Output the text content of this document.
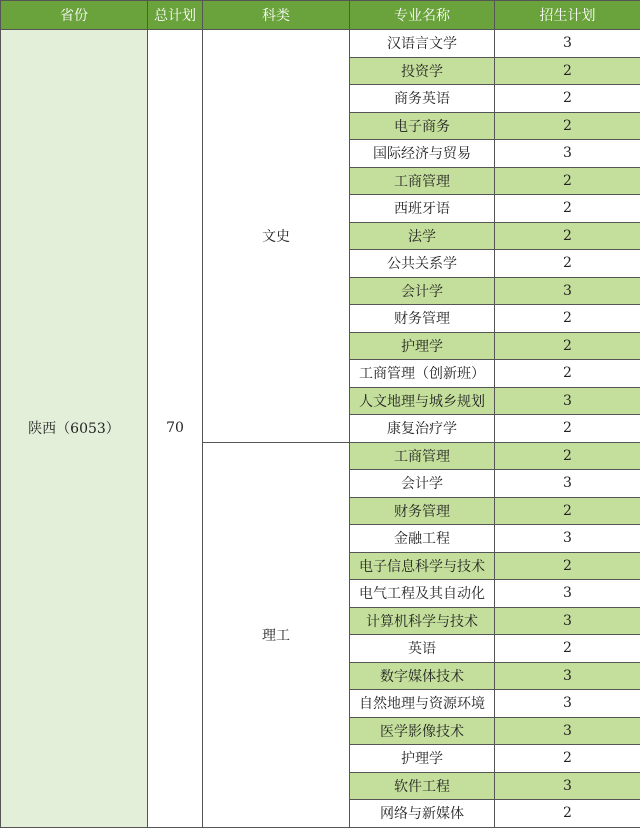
省份	总计划	科类	专业名称	招生计划
陕西（6053）	70	文史	汉语言文学	3
			投资学	2
			商务英语	2
			电子商务	2
			国际经济与贸易	3
			工商管理	2
			西班牙语	2
			法学	2
			公共关系学	2
			会计学	3
			财务管理	2
			护理学	2
			工商管理（创新班）	2
			人文地理与城乡规划	3
			康复治疗学	2
		理工	工商管理	2
			会计学	3
			财务管理	2
			金融工程	3
			电子信息科学与技术	2
			电气工程及其自动化	3
			计算机科学与技术	3
			英语	2
			数字媒体技术	3
			自然地理与资源环境	3
			医学影像技术	3
			护理学	2
			软件工程	3
			网络与新媒体	2
